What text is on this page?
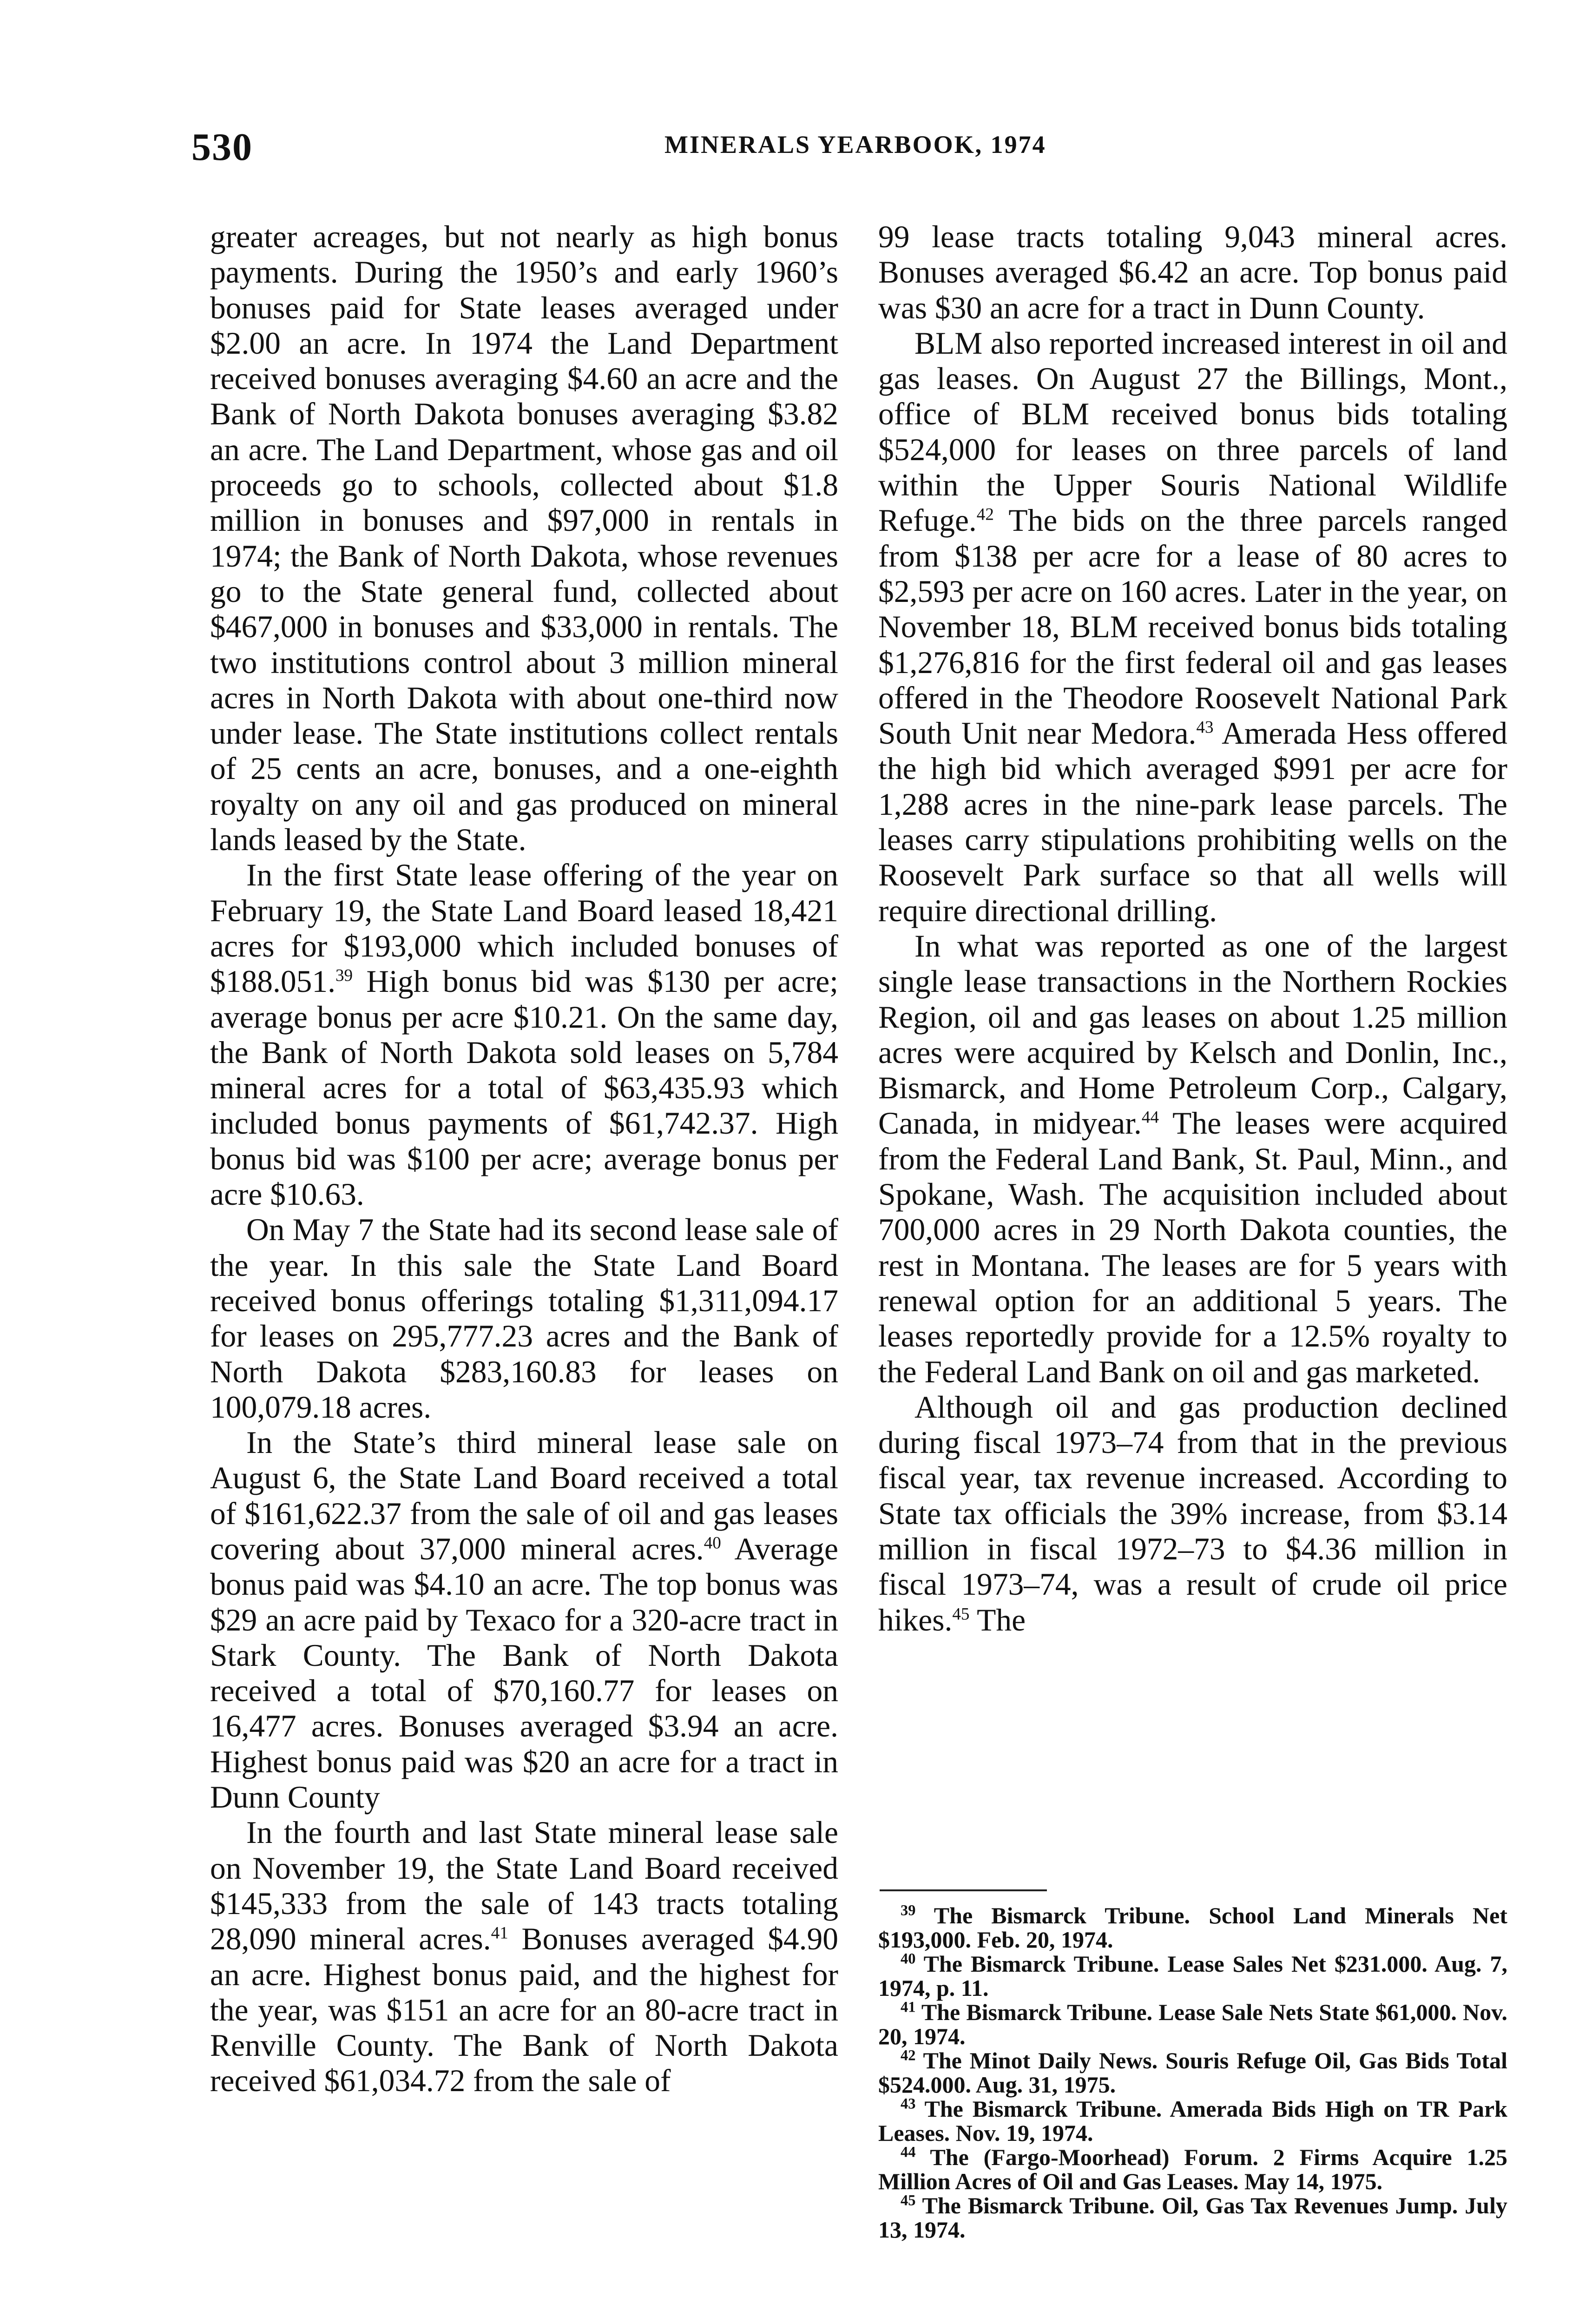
530	MINERALS YEARBOOK, 1974

greater acreages, but not nearly as high bonus payments. During the 1950’s and early 1960’s bonuses paid for State leases averaged under $2.00 an acre. In 1974 the Land Department received bonuses averaging $4.60 an acre and the Bank of North Dakota bonuses averaging $3.82 an acre. The Land Department, whose gas and oil proceeds go to schools, collected about $1.8 million in bonuses and $97,000 in rentals in 1974; the Bank of North Dakota, whose revenues go to the State general fund, collected about $467,000 in bonuses and $33,000 in rentals. The two institutions control about 3 million mineral acres in North Dakota with about one-third now under lease. The State institutions collect rentals of 25 cents an acre, bonuses, and a one-eighth royalty on any oil and gas produced on mineral lands leased by the State.

In the first State lease offering of the year on February 19, the State Land Board leased 18,421 acres for $193,000 which included bonuses of $188.051.39 High bonus bid was $130 per acre; average bonus per acre $10.21. On the same day, the Bank of North Dakota sold leases on 5,784 mineral acres for a total of $63,435.93 which included bonus payments of $61,742.37. High bonus bid was $100 per acre; average bonus per acre $10.63.

On May 7 the State had its second lease sale of the year. In this sale the State Land Board received bonus offerings totaling $1,311,094.17 for leases on 295,777.23 acres and the Bank of North Dakota $283,160.83 for leases on 100,079.18 acres.

In the State’s third mineral lease sale on August 6, the State Land Board received a total of $161,622.37 from the sale of oil and gas leases covering about 37,000 mineral acres.$^{40}$ Average bonus paid was $4.10 an acre. The top bonus was $29 an acre paid by Texaco for a 320-acre tract in Stark County. The Bank of North Dakota received a total of $70,160.77 for leases on 16,477 acres. Bonuses averaged $3.94 an acre. Highest bonus paid was $20 an acre for a tract in Dunn County

In the fourth and last State mineral lease sale on November 19, the State Land Board received $145,333 from the sale of 143 tracts totaling 28,090 mineral acres.$^{41}$ Bonuses averaged $4.90 an acre. Highest bonus paid, and the highest for the year, was $151 an acre for an 80-acre tract in Renville County. The Bank of North Dakota received $61,034.72 from the sale of

99 lease tracts totaling 9,043 mineral acres. Bonuses averaged $6.42 an acre. Top bonus paid was $30 an acre for a tract in Dunn County.

BLM also reported increased interest in oil and gas leases. On August 27 the Billings, Mont., office of BLM received bonus bids totaling $524,000 for leases on three parcels of land within the Upper Souris National Wildlife Refuge.$^{42}$ The bids on the three parcels ranged from $138 per acre for a lease of 80 acres to $2,593 per acre on 160 acres. Later in the year, on November 18, BLM received bonus bids totaling $1,276,816 for the first federal oil and gas leases offered in the Theodore Roosevelt National Park South Unit near Medora.$^{43}$ Amerada Hess offered the high bid which averaged $991 per acre for 1,288 acres in the nine-park lease parcels. The leases carry stipulations prohibiting wells on the Roosevelt Park surface so that all wells will require directional drilling.

In what was reported as one of the largest single lease transactions in the Northern Rockies Region, oil and gas leases on about 1.25 million acres were acquired by Kelsch and Donlin, Inc., Bismarck, and Home Petroleum Corp., Calgary, Canada, in midyear.$^{44}$ The leases were acquired from the Federal Land Bank, St. Paul, Minn., and Spokane, Wash. The acquisition included about 700,000 acres in 29 North Dakota counties, the rest in Montana. The leases are for 5 years with renewal option for an additional 5 years. The leases reportedly provide for a 12.5% royalty to the Federal Land Bank on oil and gas marketed.

Although oil and gas production declined during fiscal 1973–74 from that in the previous fiscal year, tax revenue increased. According to State tax officials the 39% increase, from $3.14 million in fiscal 1972–73 to $4.36 million in fiscal 1973–74, was a result of crude oil price hikes.$^{45}$ The

$^{39}$ The Bismarck Tribune. School Land Minerals Net $193,000. Feb. 20, 1974.

$^{40}$ The Bismarck Tribune. Lease Sales Net $231.000. Aug. 7, 1974, p. 11.

$^{41}$ The Bismarck Tribune. Lease Sale Nets State $61,000. Nov. 20, 1974.

$^{42}$ The Minot Daily News. Souris Refuge Oil, Gas Bids Total $524.000. Aug. 31, 1975.

$^{43}$ The Bismarck Tribune. Amerada Bids High on TR Park Leases. Nov. 19, 1974.

$^{44}$ The (Fargo-Moorhead) Forum. 2 Firms Acquire 1.25 Million Acres of Oil and Gas Leases. May 14, 1975.

$^{45}$ The Bismarck Tribune. Oil, Gas Tax Revenues Jump. July 13, 1974.
